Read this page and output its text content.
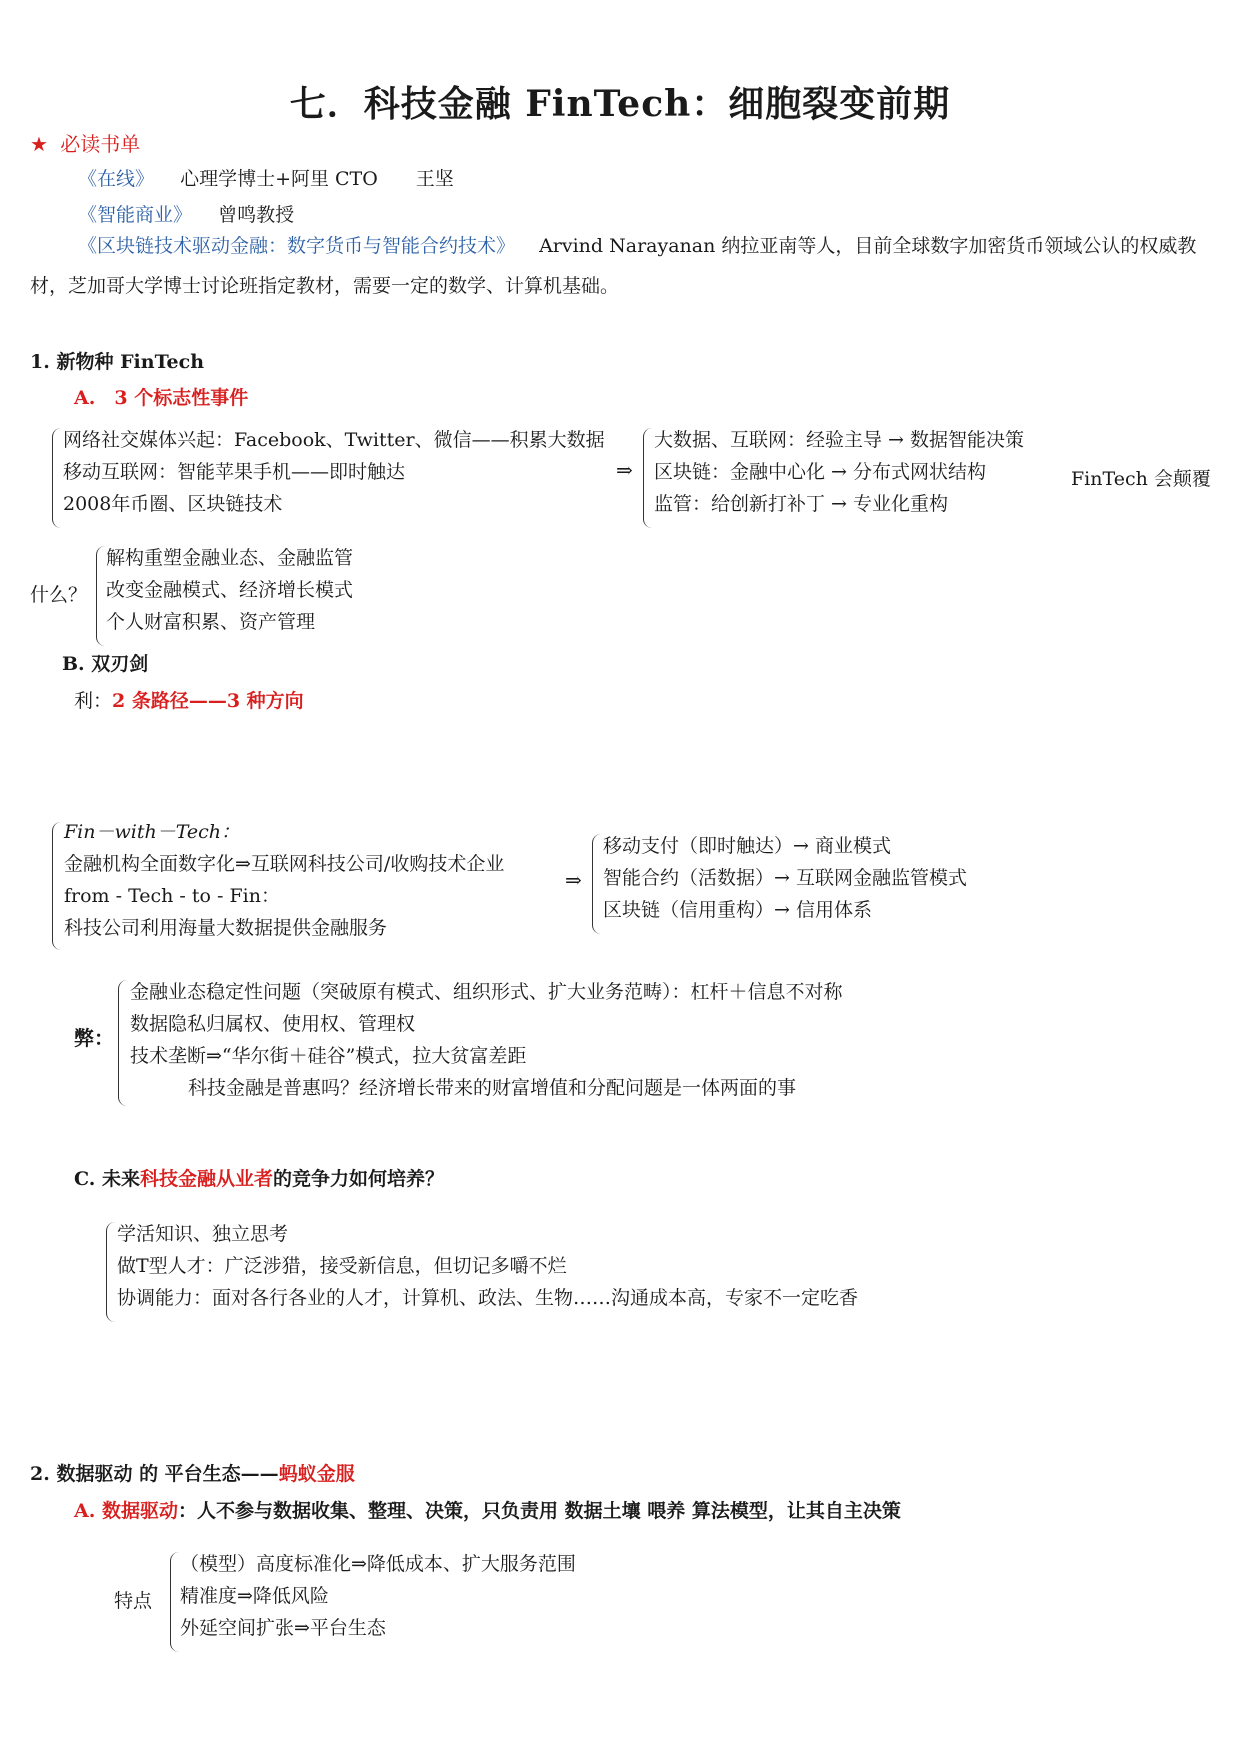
七．科技金融 FinTech：细胞裂变前期
★ 必读书单
《在线》 心理学博士+阿里 CTO　　王坚
《智能商业》 曾鸣教授
《区块链技术驱动金融：数字货币与智能合约技术》 Arvind Narayanan 纳拉亚南等人，目前全球数字加密货币领域公认的权威教材，芝加哥大学博士讨论班指定教材，需要一定的数学、计算机基础。
1. 新物种 FinTech
A.　3 个标志性事件
网络社交媒体兴起：Facebook、Twitter、微信——积累大数据
移动互联网：智能苹果手机——即时触达
2008年币圈、区块链技术
⇒
大数据、互联网：经验主导 → 数据智能决策
区块链：金融中心化 → 分布式网状结构
监管：给创新打补丁 → 专业化重构
FinTech 会颠覆
什么？
解构重塑金融业态、金融监管
改变金融模式、经济增长模式
个人财富积累、资产管理
B. 双刃剑
利：2 条路径——3 种方向
Fin－with－Tech：
金融机构全面数字化⇒互联网科技公司/收购技术企业
from - Tech - to - Fin：
科技公司利用海量大数据提供金融服务
⇒
移动支付（即时触达）→ 商业模式
智能合约（活数据）→ 互联网金融监管模式
区块链（信用重构）→ 信用体系
弊：
金融业态稳定性问题（突破原有模式、组织形式、扩大业务范畴）：杠杆＋信息不对称
数据隐私归属权、使用权、管理权
技术垄断⇒“华尔街＋硅谷”模式，拉大贫富差距
科技金融是普惠吗？经济增长带来的财富增值和分配问题是一体两面的事
C. 未来科技金融从业者的竞争力如何培养？
学活知识、独立思考
做T型人才：广泛涉猎，接受新信息，但切记多嚼不烂
协调能力：面对各行各业的人才，计算机、政法、生物……沟通成本高，专家不一定吃香
2. 数据驱动 的 平台生态——蚂蚁金服
A. 数据驱动：人不参与数据收集、整理、决策，只负责用 数据土壤 喂养 算法模型，让其自主决策
特点
（模型）高度标准化⇒降低成本、扩大服务范围
精准度⇒降低风险
外延空间扩张⇒平台生态
